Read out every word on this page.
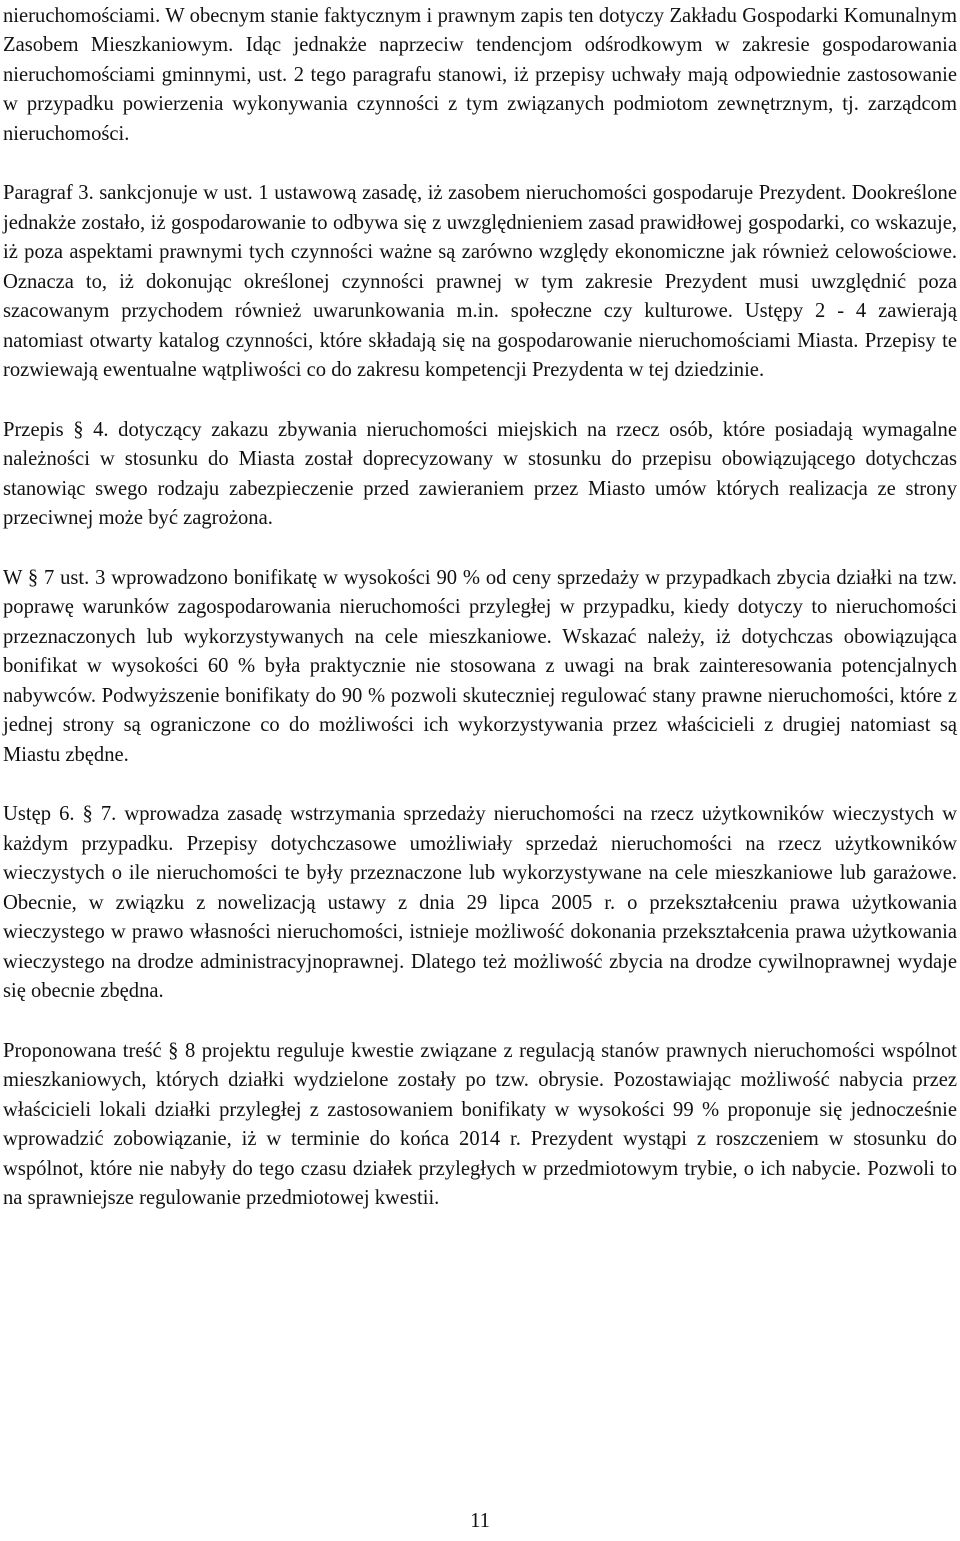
nieruchomościami. W obecnym stanie faktycznym i prawnym zapis ten dotyczy Zakładu Gospodarki Komunalnym Zasobem Mieszkaniowym. Idąc jednakże naprzeciw tendencjom odśrodkowym w zakresie gospodarowania nieruchomościami gminnymi, ust. 2 tego paragrafu stanowi, iż przepisy uchwały mają odpowiednie zastosowanie w przypadku powierzenia wykonywania czynności z tym związanych podmiotom zewnętrznym, tj. zarządcom nieruchomości.

Paragraf 3. sankcjonuje w ust. 1 ustawową zasadę, iż zasobem nieruchomości gospodaruje Prezydent. Dookreślone jednakże zostało, iż gospodarowanie to odbywa się z uwzględnieniem zasad prawidłowej gospodarki, co wskazuje, iż poza aspektami prawnymi tych czynności ważne są zarówno względy ekonomiczne jak również celowościowe. Oznacza to, iż dokonując określonej czynności prawnej w tym zakresie Prezydent musi uwzględnić poza szacowanym przychodem również uwarunkowania m.in. społeczne czy kulturowe. Ustępy 2 - 4 zawierają natomiast otwarty katalog czynności, które składają się na gospodarowanie nieruchomościami Miasta. Przepisy te rozwiewają ewentualne wątpliwości co do zakresu kompetencji Prezydenta w tej dziedzinie.

Przepis § 4. dotyczący zakazu zbywania nieruchomości miejskich na rzecz osób, które posiadają wymagalne należności w stosunku do Miasta został doprecyzowany w stosunku do przepisu obowiązującego dotychczas stanowiąc swego rodzaju zabezpieczenie przed zawieraniem przez Miasto umów których realizacja ze strony przeciwnej może być zagrożona.

W § 7 ust. 3 wprowadzono bonifikatę w wysokości 90 % od ceny sprzedaży w przypadkach zbycia działki na tzw. poprawę warunków zagospodarowania nieruchomości przyległej w przypadku, kiedy dotyczy to nieruchomości przeznaczonych lub wykorzystywanych na cele mieszkaniowe. Wskazać należy, iż dotychczas obowiązująca bonifikat w wysokości 60 % była praktycznie nie stosowana z uwagi na brak zainteresowania potencjalnych nabywców. Podwyższenie bonifikaty do 90 % pozwoli skuteczniej regulować stany prawne nieruchomości, które z jednej strony są ograniczone co do możliwości ich wykorzystywania przez właścicieli z drugiej natomiast są Miastu zbędne.

Ustęp 6. § 7. wprowadza zasadę wstrzymania sprzedaży nieruchomości na rzecz użytkowników wieczystych w każdym przypadku. Przepisy dotychczasowe umożliwiały sprzedaż nieruchomości na rzecz użytkowników wieczystych o ile nieruchomości te były przeznaczone lub wykorzystywane na cele mieszkaniowe lub garażowe. Obecnie, w związku z nowelizacją ustawy z dnia 29 lipca 2005 r. o przekształceniu prawa użytkowania wieczystego w prawo własności nieruchomości, istnieje możliwość dokonania przekształcenia prawa użytkowania wieczystego na drodze administracyjnoprawnej. Dlatego też możliwość zbycia na drodze cywilnoprawnej wydaje się obecnie zbędna.

Proponowana treść § 8 projektu reguluje kwestie związane z regulacją stanów prawnych nieruchomości wspólnot mieszkaniowych, których działki wydzielone zostały po tzw. obrysie. Pozostawiając możliwość nabycia przez właścicieli lokali działki przyległej z zastosowaniem bonifikaty w wysokości 99 % proponuje się jednocześnie wprowadzić zobowiązanie, iż w terminie do końca 2014 r. Prezydent wystąpi z roszczeniem w stosunku do wspólnot, które nie nabyły do tego czasu działek przyległych w przedmiotowym trybie, o ich nabycie. Pozwoli to na sprawniejsze regulowanie przedmiotowej kwestii.

11
